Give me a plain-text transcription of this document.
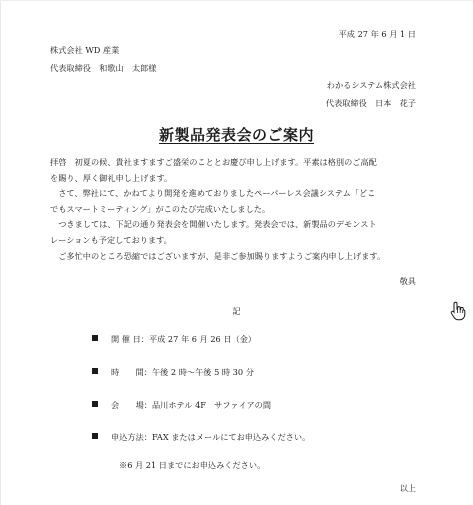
平成 27 年 6 月 1 日
株式会社 WD 産業
代表取締役　和歌山　太郎様
わかるシステム株式会社
代表取締役　日本　花子
新製品発表会のご案内
拝啓　初夏の候、貴社ますますご盛栄のこととお慶び申し上げます。平素は格別のご高配
を賜り、厚く御礼申し上げます。
　さて、弊社にて、かねてより開発を進めておりましたペーパーレス会議システム「どこ
でもスマートミーティング」がこのたび完成いたしました。
　つきましては、下記の通り発表会を開催いたします。発表会では、新製品のデモンスト
レーションも予定しております。
　ご多忙中のところ恐縮ではございますが、是非ご参加賜りますようご案内申し上げます。
敬具
記
開 催 日：平成 27 年 6 月 26 日（金）
時　　間：午後 2 時～午後 5 時 30 分
会　　場：品川ホテル 4F　サファイアの間
申込方法：FAX またはメールにてお申込みください。
※6 月 21 日までにお申込みください。
以上
